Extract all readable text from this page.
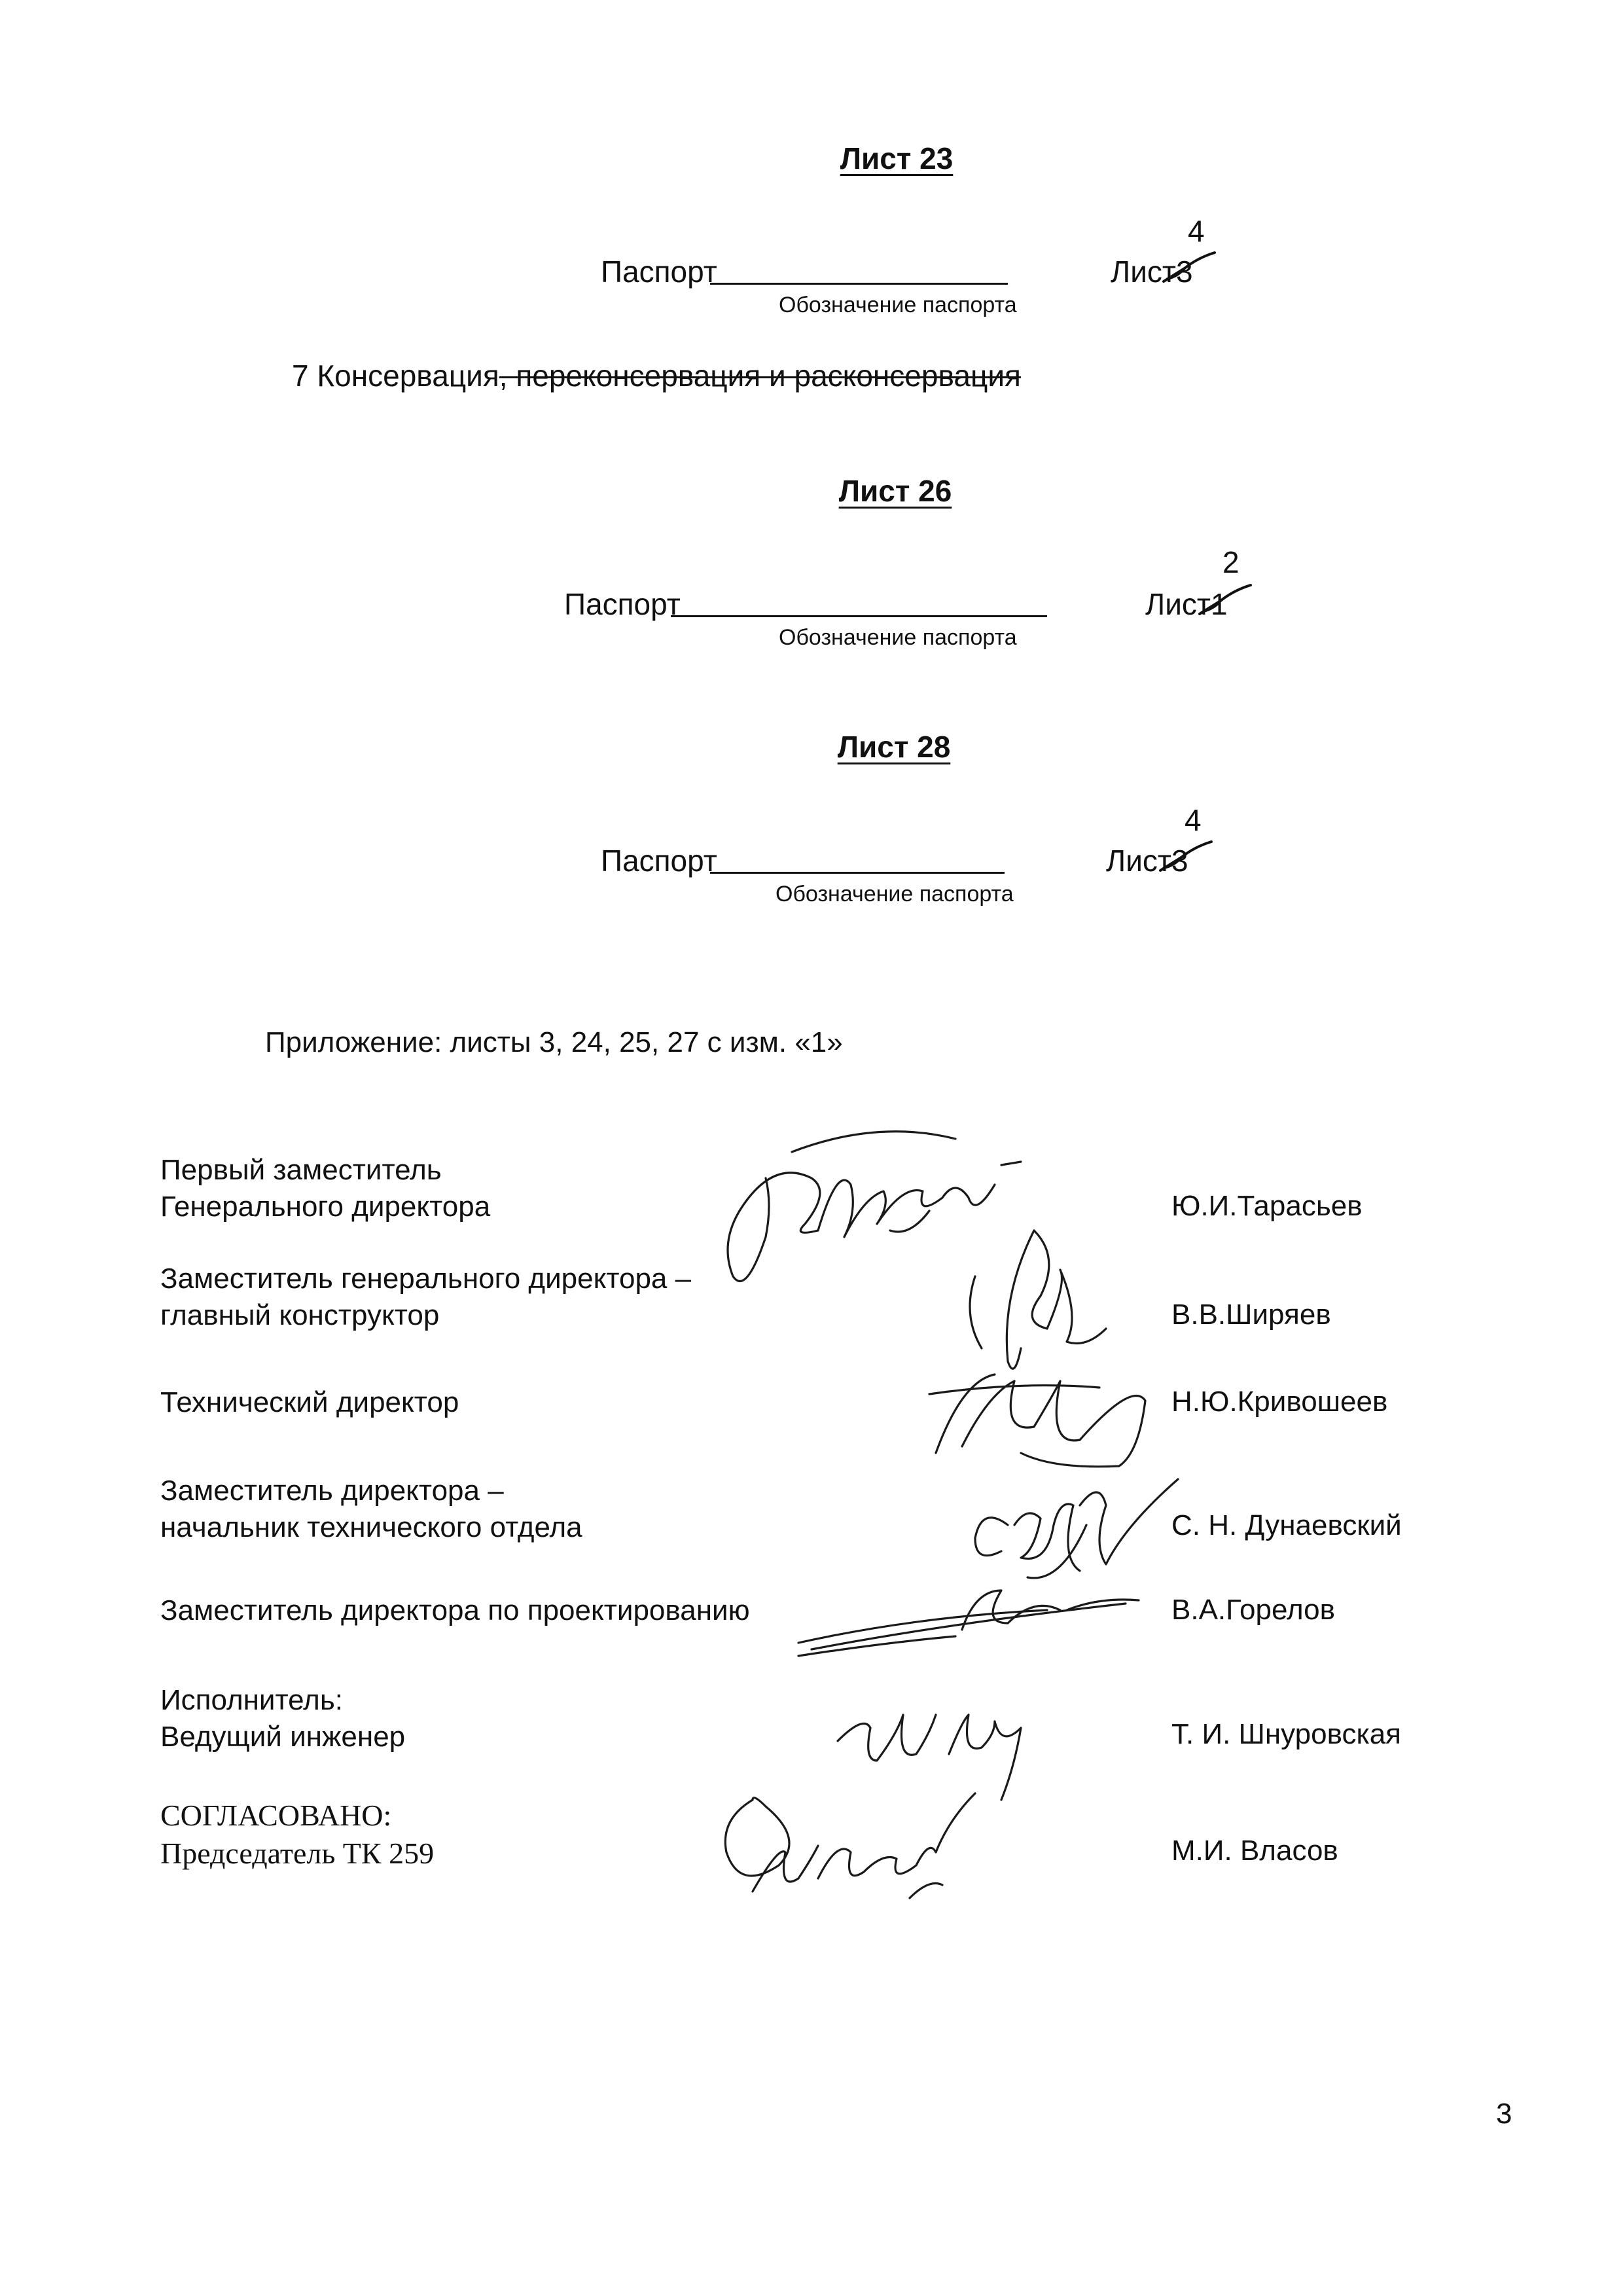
Лист 23
Паспорт
Обозначение паспорта
4
Лист3
7 Консервация, переконсервация и расконсервация
Лист 26
Паспорт
Обозначение паспорта
2
Лист1
Лист 28
Паспорт
Обозначение паспорта
4
Лист3
Приложение: листы 3, 24, 25, 27 с изм. «1»
Первый заместитель
Генерального директора	Ю.И.Тарасьев
Заместитель генерального директора –
главный конструктор	В.В.Ширяев
Технический директор	Н.Ю.Кривошеев
Заместитель директора –
начальник технического отдела	С. Н. Дунаевский
Заместитель директора по проектированию	В.А.Горелов
Исполнитель:
Ведущий инженер	Т. И. Шнуровская
СОГЛАСОВАНО:
Председатель ТК 259	М.И. Власов
3
